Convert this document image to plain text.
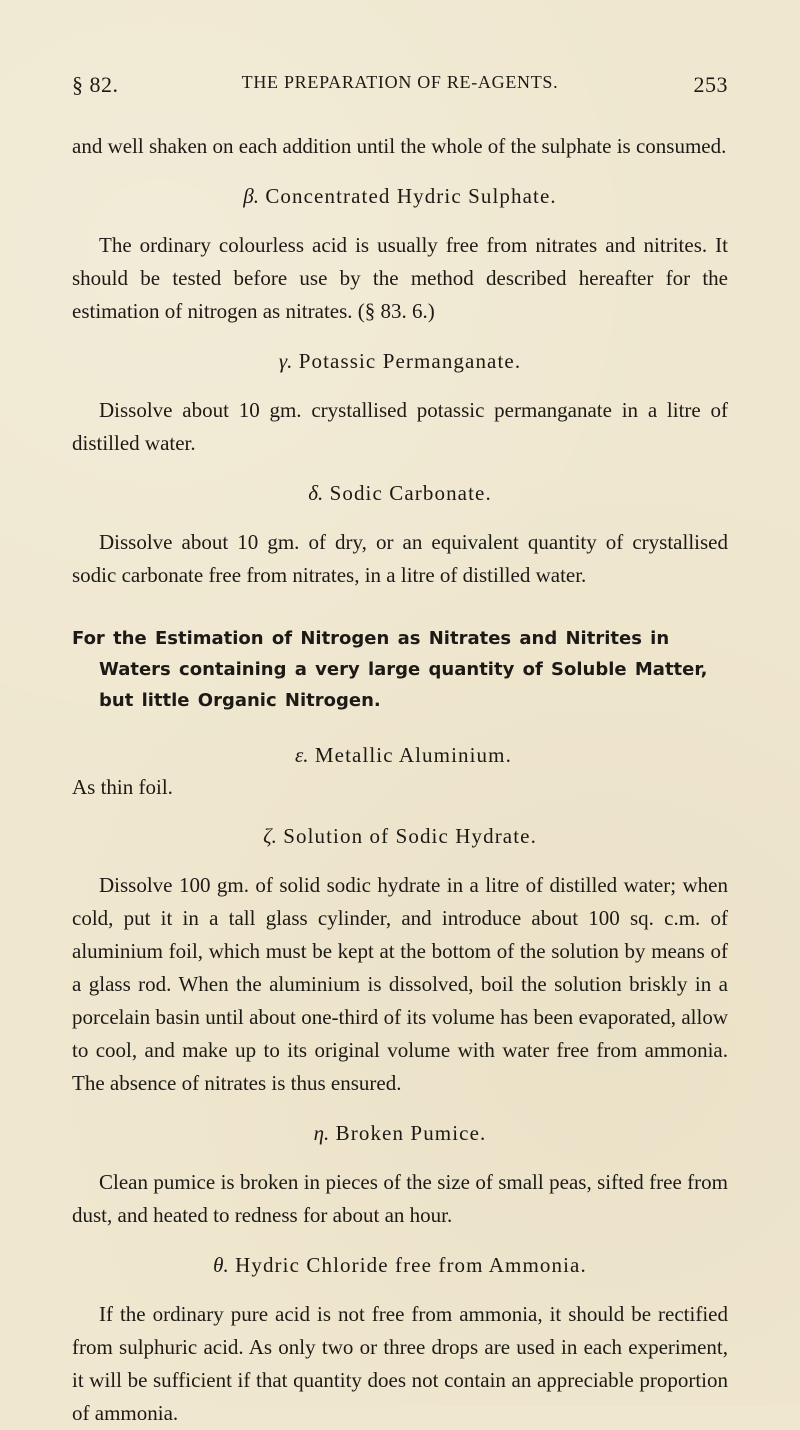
§ 82.	THE PREPARATION OF RE-AGENTS.	253

and well shaken on each addition until the whole of the sulphate is consumed.

β. Concentrated Hydric Sulphate.

The ordinary colourless acid is usually free from nitrates and nitrites. It should be tested before use by the method described hereafter for the estimation of nitrogen as nitrates. (§ 83. 6.)

γ. Potassic Permanganate.

Dissolve about 10 gm. crystallised potassic permanganate in a litre of distilled water.

δ. Sodic Carbonate.

Dissolve about 10 gm. of dry, or an equivalent quantity of crystallised sodic carbonate free from nitrates, in a litre of distilled water.

For the Estimation of Nitrogen as Nitrates and Nitrites in
Waters containing a very large quantity of Soluble Matter,
but little Organic Nitrogen.

ε. Metallic Aluminium.

As thin foil.

ζ. Solution of Sodic Hydrate.

Dissolve 100 gm. of solid sodic hydrate in a litre of distilled water; when cold, put it in a tall glass cylinder, and introduce about 100 sq. c.m. of aluminium foil, which must be kept at the bottom of the solution by means of a glass rod. When the aluminium is dissolved, boil the solution briskly in a porcelain basin until about one-third of its volume has been evaporated, allow to cool, and make up to its original volume with water free from ammonia. The absence of nitrates is thus ensured.

η. Broken Pumice.

Clean pumice is broken in pieces of the size of small peas, sifted free from dust, and heated to redness for about an hour.

θ. Hydric Chloride free from Ammonia.

If the ordinary pure acid is not free from ammonia, it should be rectified from sulphuric acid. As only two or three drops are used in each experiment, it will be sufficient if that quantity does not contain an appreciable proportion of ammonia.
